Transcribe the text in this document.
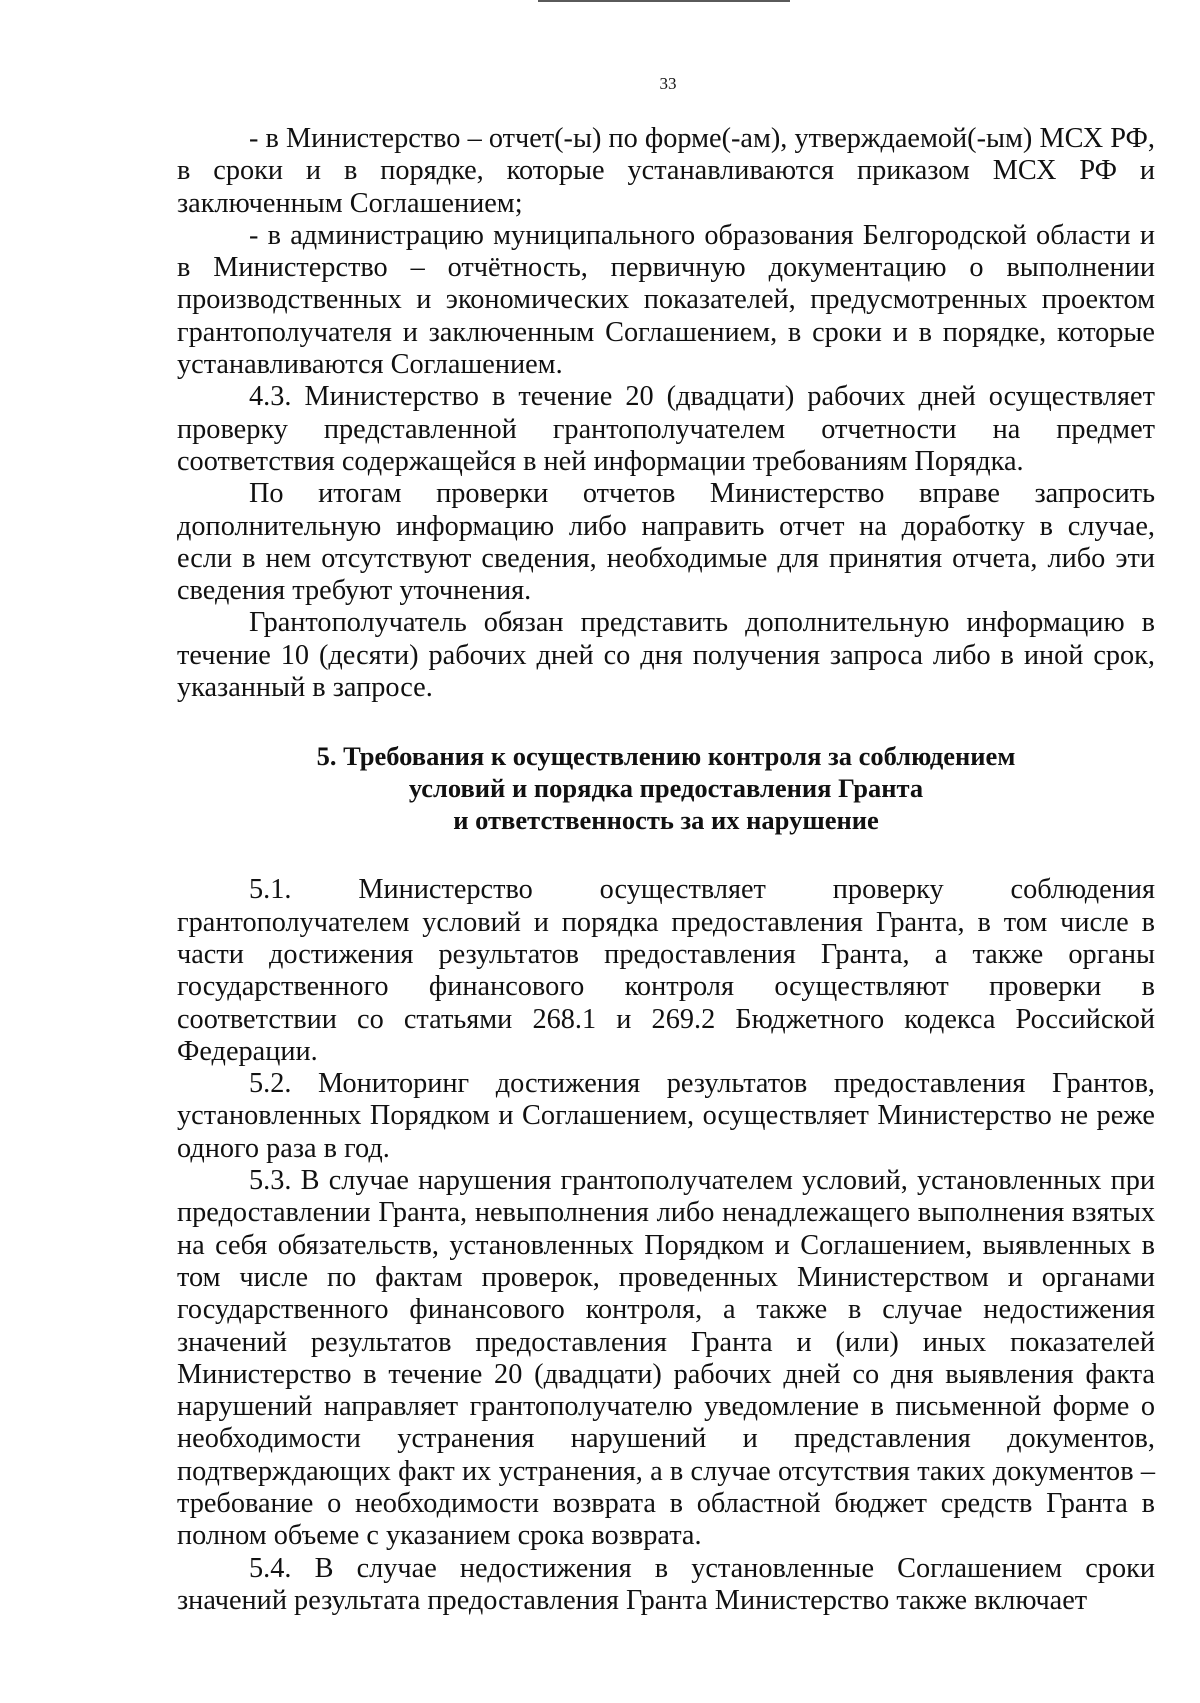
33

- в Министерство – отчет(-ы) по форме(-ам), утверждаемой(-ым) МСХ РФ, в сроки и в порядке, которые устанавливаются приказом МСХ РФ и заключенным Соглашением;

- в администрацию муниципального образования Белгородской области и в Министерство – отчётность, первичную документацию о выполнении производственных и экономических показателей, предусмотренных проектом грантополучателя и заключенным Соглашением, в сроки и в порядке, которые устанавливаются Соглашением.

4.3. Министерство в течение 20 (двадцати) рабочих дней осуществляет проверку представленной грантополучателем отчетности на предмет соответствия содержащейся в ней информации требованиям Порядка.

По итогам проверки отчетов Министерство вправе запросить дополнительную информацию либо направить отчет на доработку в случае, если в нем отсутствуют сведения, необходимые для принятия отчета, либо эти сведения требуют уточнения.

Грантополучатель обязан представить дополнительную информацию в течение 10 (десяти) рабочих дней со дня получения запроса либо в иной срок, указанный в запросе.

5. Требования к осуществлению контроля за соблюдением
условий и порядка предоставления Гранта
и ответственность за их нарушение

5.1. Министерство осуществляет проверку соблюдения грантополучателем условий и порядка предоставления Гранта, в том числе в части достижения результатов предоставления Гранта, а также органы государственного финансового контроля осуществляют проверки в соответствии со статьями 268.1 и 269.2 Бюджетного кодекса Российской Федерации.

5.2. Мониторинг достижения результатов предоставления Грантов, установленных Порядком и Соглашением, осуществляет Министерство не реже одного раза в год.

5.3. В случае нарушения грантополучателем условий, установленных при предоставлении Гранта, невыполнения либо ненадлежащего выполнения взятых на себя обязательств, установленных Порядком и Соглашением, выявленных в том числе по фактам проверок, проведенных Министерством и органами государственного финансового контроля, а также в случае недостижения значений результатов предоставления Гранта и (или) иных показателей Министерство в течение 20 (двадцати) рабочих дней со дня выявления факта нарушений направляет грантополучателю уведомление в письменной форме о необходимости устранения нарушений и представления документов, подтверждающих факт их устранения, а в случае отсутствия таких документов – требование о необходимости возврата в областной бюджет средств Гранта в полном объеме с указанием срока возврата.

5.4. В случае недостижения в установленные Соглашением сроки значений результата предоставления Гранта Министерство также включает
